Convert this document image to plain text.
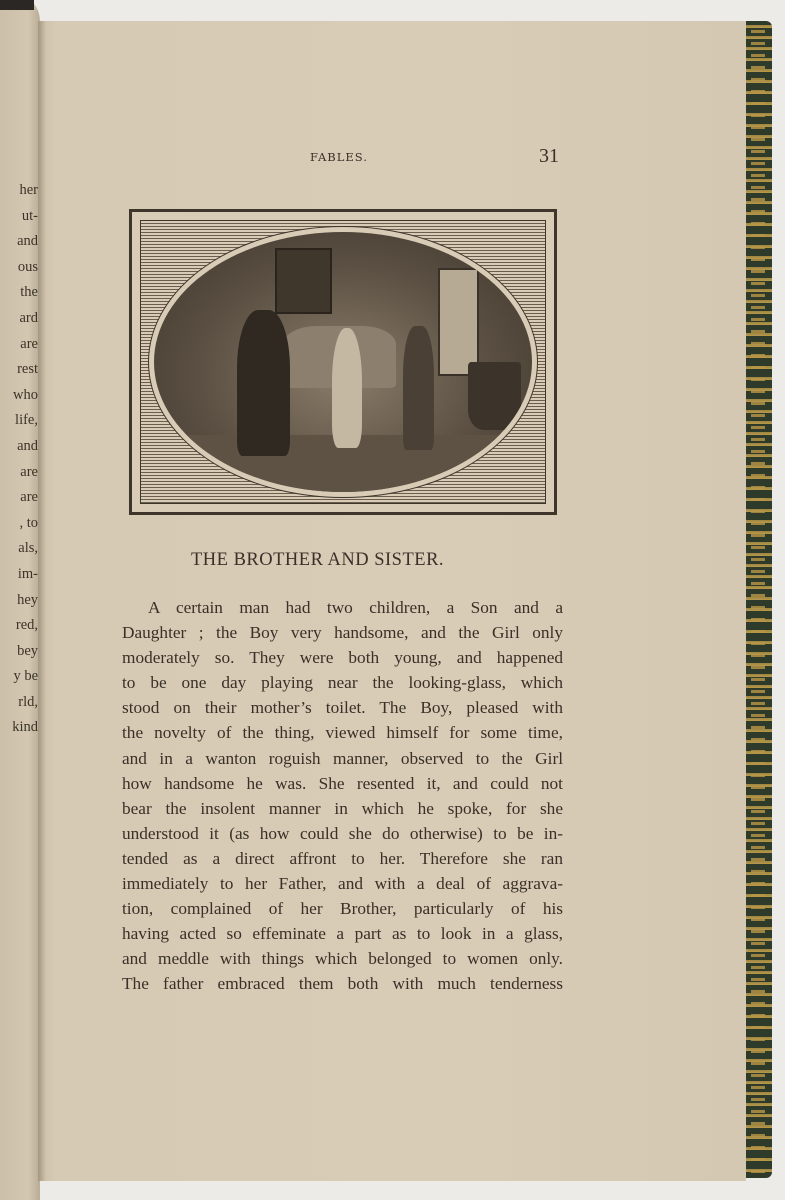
her
ut-
and
ous
the
ard
are
rest
who
life,
and
are
are
, to
als,
im-
hey
red,
bey
y be
rld,
kind
FABLES.	31
THE BROTHER AND SISTER.
A certain man had two children, a Son and a
Daughter ; the Boy very handsome, and the Girl only
moderately so. They were both young, and happened
to be one day playing near the looking-glass, which
stood on their mother’s toilet. The Boy, pleased with
the novelty of the thing, viewed himself for some time,
and in a wanton roguish manner, observed to the Girl
how handsome he was. She resented it, and could not
bear the insolent manner in which he spoke, for she
understood it (as how could she do otherwise) to be in-
tended as a direct affront to her. Therefore she ran
immediately to her Father, and with a deal of aggrava-
tion, complained of her Brother, particularly of his
having acted so effeminate a part as to look in a glass,
and meddle with things which belonged to women only.
The father embraced them both with much tenderness
